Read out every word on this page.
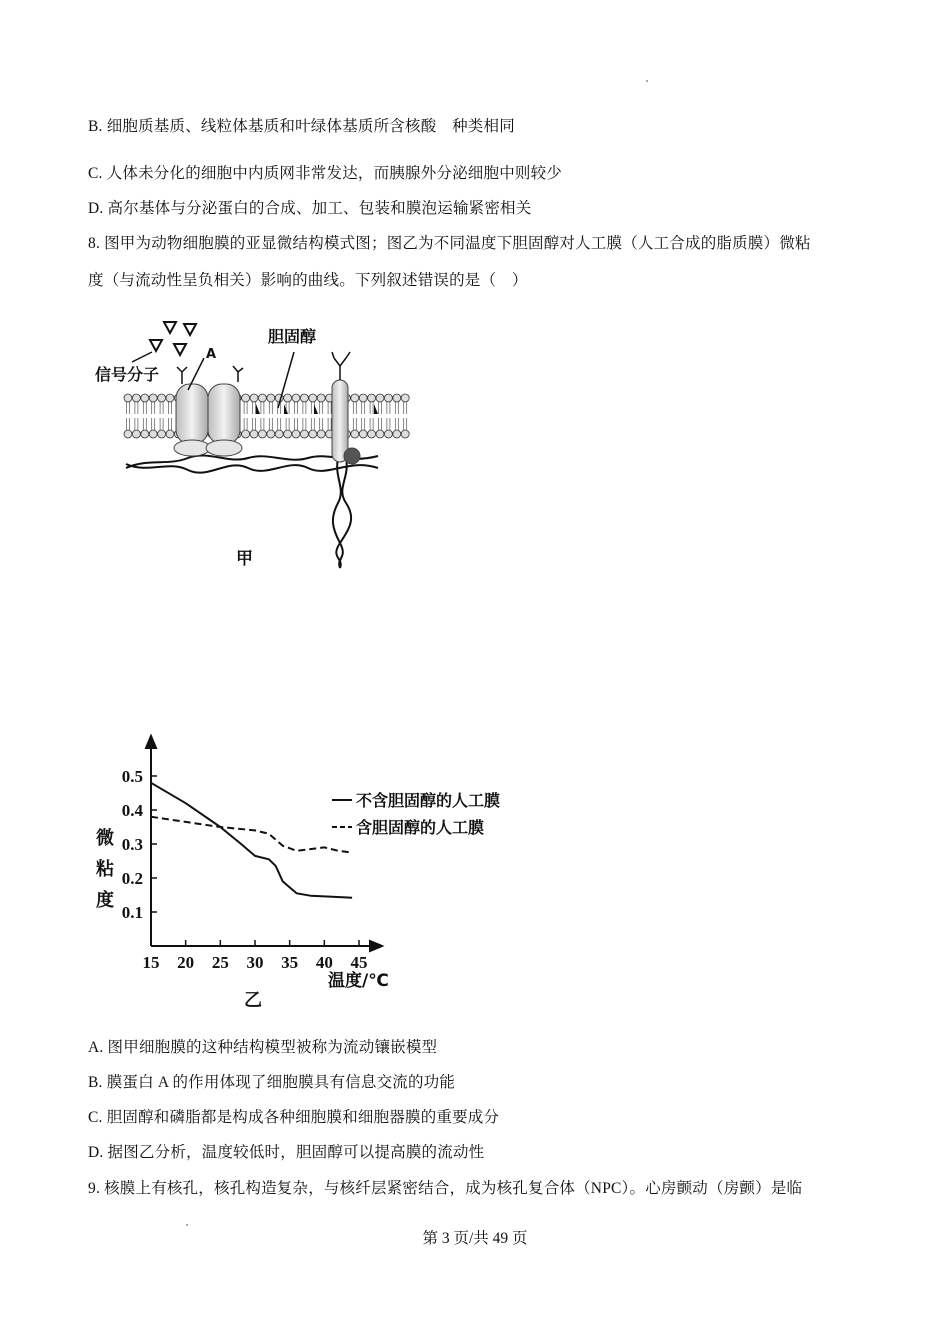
B. 细胞质基质、线粒体基质和叶绿体基质所含核酸　种类相同
C. 人体未分化的细胞中内质网非常发达，而胰腺外分泌细胞中则较少
D. 高尔基体与分泌蛋白的合成、加工、包装和膜泡运输紧密相关
8. 图甲为动物细胞膜的亚显微结构模式图；图乙为不同温度下胆固醇对人工膜（人工合成的脂质膜）微粘
度（与流动性呈负相关）影响的曲线。下列叙述错误的是（　）
信号分子
A
胆固醇
甲
0.1
0.2
0.3
0.4
0.5
15 20 25 30 35 40 45
微 粘 度
温度/℃
乙
不含胆固醇的人工膜
含胆固醇的人工膜
A. 图甲细胞膜的这种结构模型被称为流动镶嵌模型
B. 膜蛋白 A 的作用体现了细胞膜具有信息交流的功能
C. 胆固醇和磷脂都是构成各种细胞膜和细胞器膜的重要成分
D. 据图乙分析，温度较低时，胆固醇可以提高膜的流动性
9. 核膜上有核孔，核孔构造复杂，与核纤层紧密结合，成为核孔复合体（NPC）。心房颤动（房颤）是临
第 3 页/共 49 页
